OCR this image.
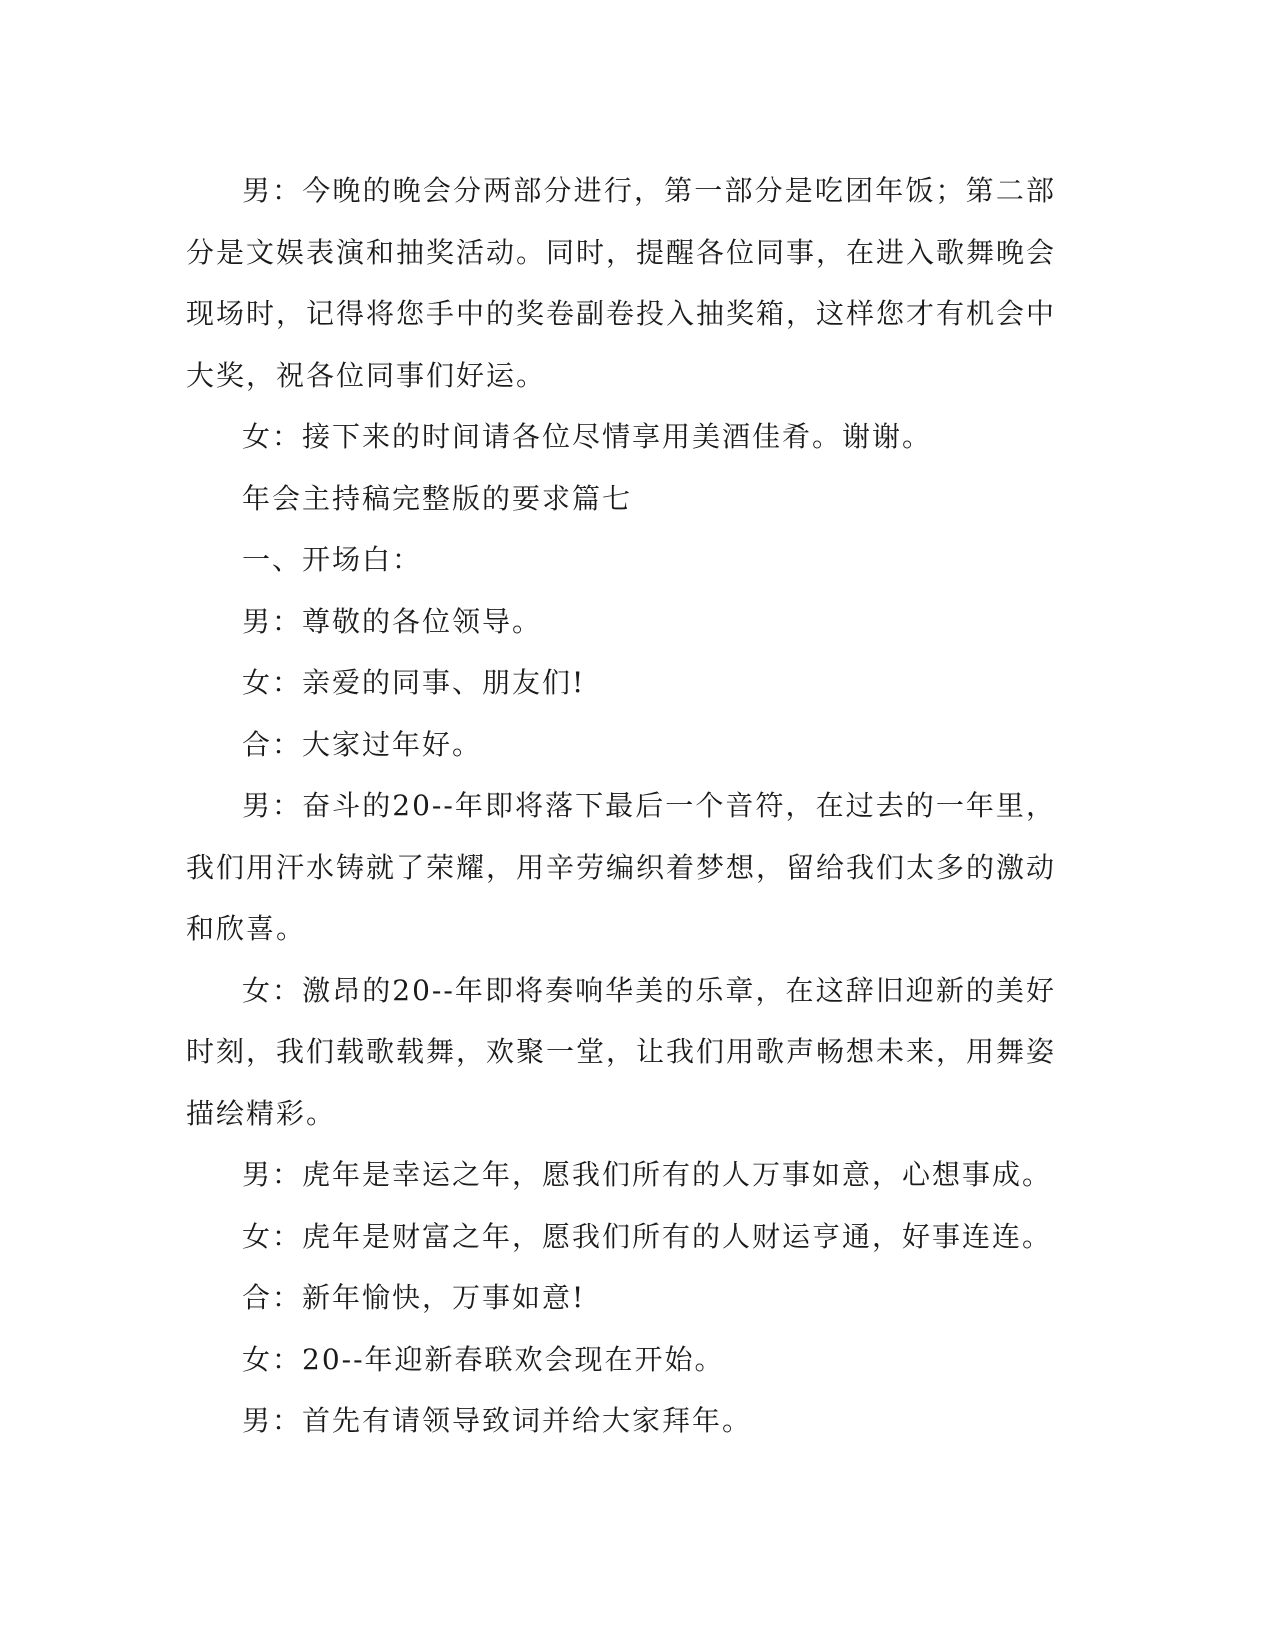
男：今晚的晚会分两部分进行，第一部分是吃团年饭；第二部分是文娱表演和抽奖活动。同时，提醒各位同事，在进入歌舞晚会现场时，记得将您手中的奖卷副卷投入抽奖箱，这样您才有机会中大奖，祝各位同事们好运。

女：接下来的时间请各位尽情享用美酒佳肴。谢谢。

年会主持稿完整版的要求篇七

一、开场白：

男：尊敬的各位领导。

女：亲爱的同事、朋友们!

合：大家过年好。

男：奋斗的20--年即将落下最后一个音符，在过去的一年里，我们用汗水铸就了荣耀，用辛劳编织着梦想，留给我们太多的激动和欣喜。

女：激昂的20--年即将奏响华美的乐章，在这辞旧迎新的美好时刻，我们载歌载舞，欢聚一堂，让我们用歌声畅想未来，用舞姿描绘精彩。

男：虎年是幸运之年，愿我们所有的人万事如意，心想事成。

女：虎年是财富之年，愿我们所有的人财运亨通，好事连连。

合：新年愉快，万事如意!

女：20--年迎新春联欢会现在开始。

男：首先有请领导致词并给大家拜年。
